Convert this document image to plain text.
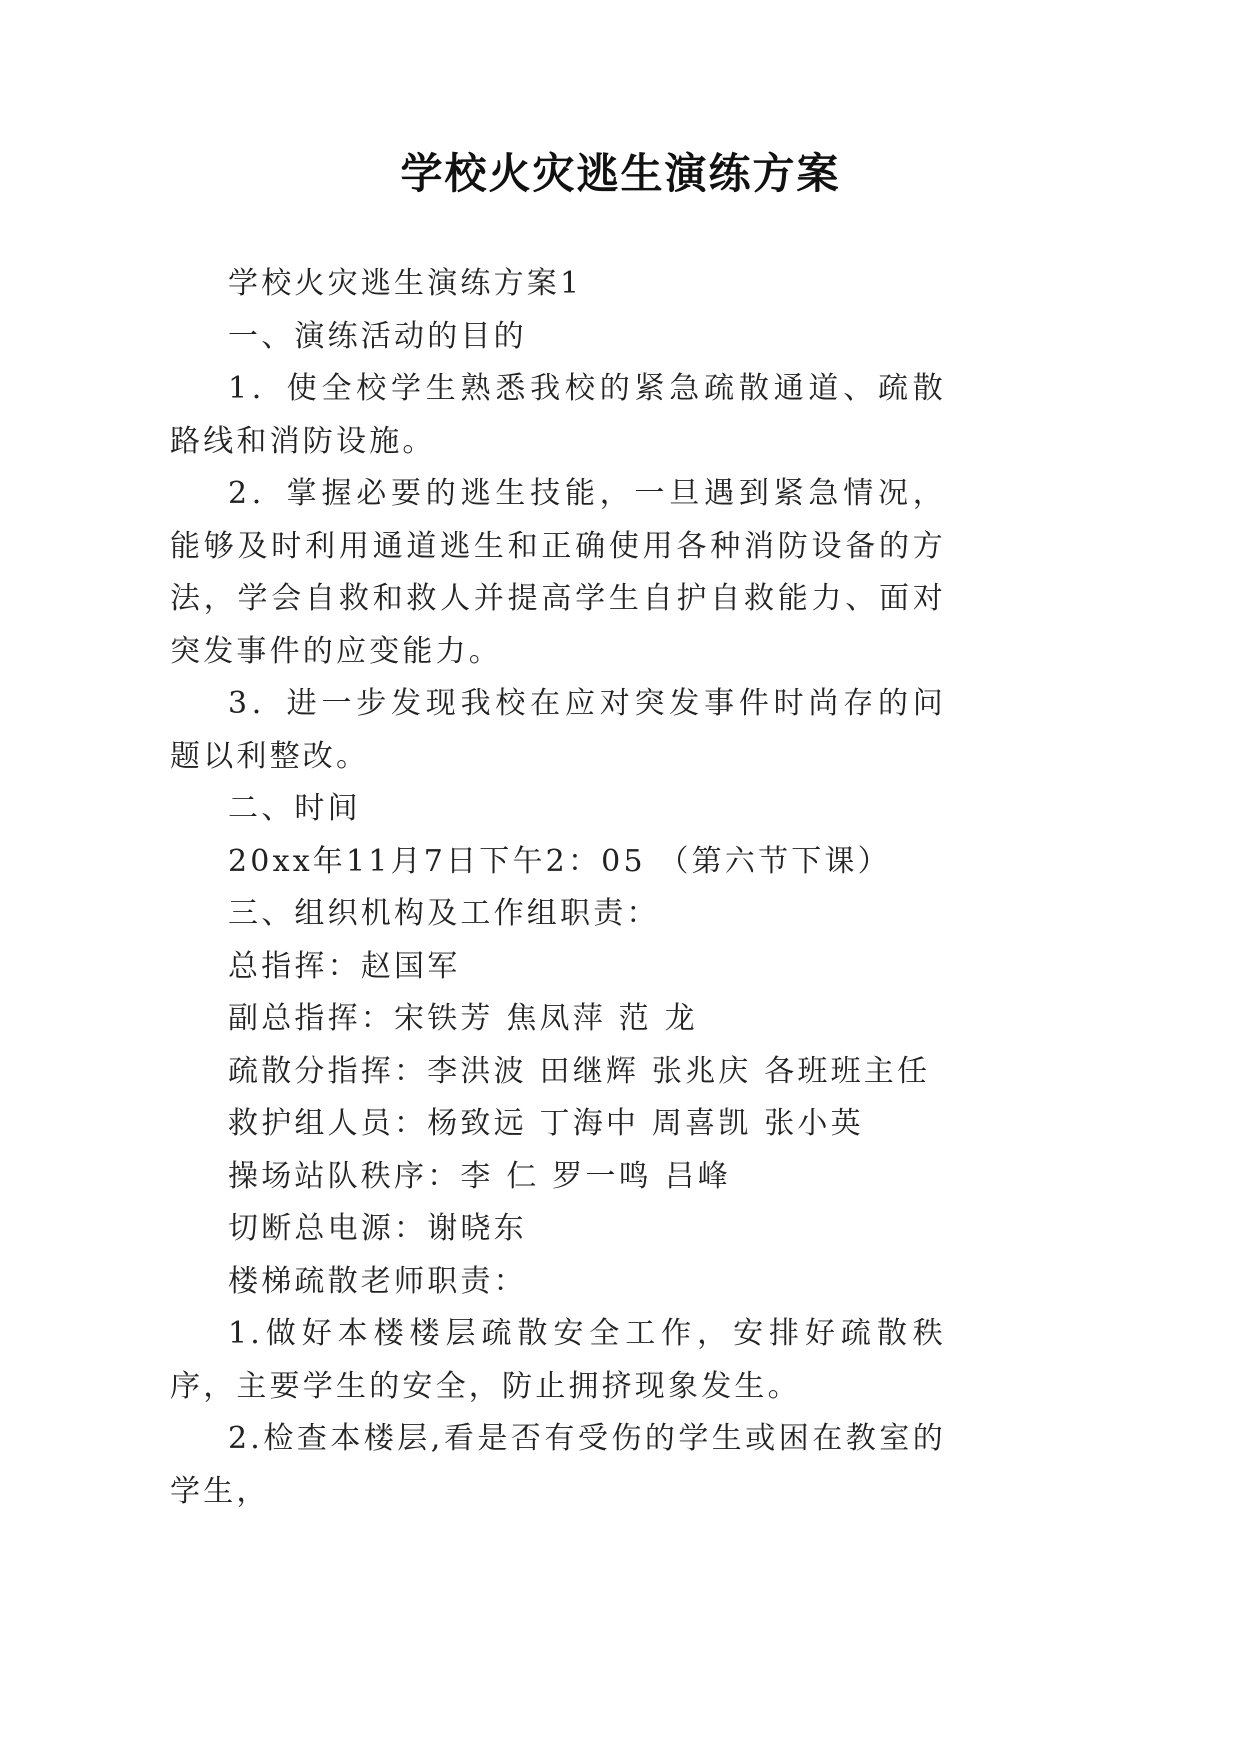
学校火灾逃生演练方案

学校火灾逃生演练方案1

一、演练活动的目的

1．使全校学生熟悉我校的紧急疏散通道、疏散路线和消防设施。

2．掌握必要的逃生技能，一旦遇到紧急情况，能够及时利用通道逃生和正确使用各种消防设备的方法，学会自救和救人并提高学生自护自救能力、面对突发事件的应变能力。

3．进一步发现我校在应对突发事件时尚存的问题以利整改。

二、时间

20xx年11月7日下午2：05 （第六节下课）

三、组织机构及工作组职责：

总指挥：赵国军

副总指挥：宋铁芳 焦凤萍 范 龙

疏散分指挥：李洪波 田继辉 张兆庆 各班班主任

救护组人员：杨致远 丁海中 周喜凯 张小英

操场站队秩序：李 仁 罗一鸣 吕峰

切断总电源：谢晓东

楼梯疏散老师职责：

1.做好本楼楼层疏散安全工作，安排好疏散秩序，主要学生的安全，防止拥挤现象发生。

2.检查本楼层,看是否有受伤的学生或困在教室的学生，
